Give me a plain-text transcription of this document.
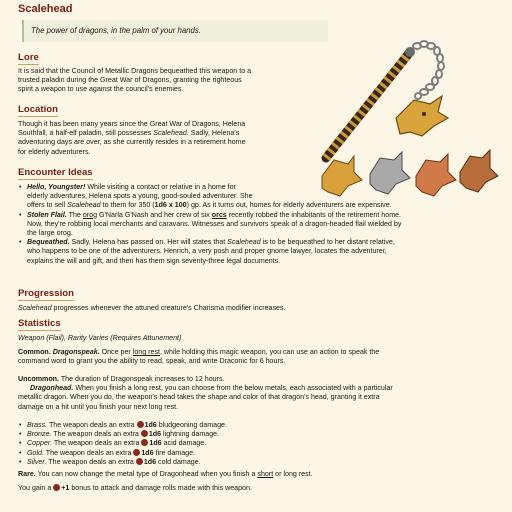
Scalehead
The power of dragons, in the palm of your hands.
Lore
It is said that the Council of Metallic Dragons bequeathed this weapon to a
trusted paladin during the Great War of Dragons, granting the righteous
spirit a weapon to use against the council's enemies.
Location
Though it has been many years since the Great War of Dragons, Helena
Southfall, a half-elf paladin, still possesses Scalehead. Sadly, Helena's
adventuring days are over, as she currently resides in a retirement home
for elderly adventurers.
Encounter Ideas
• Hello, Youngster! While visiting a contact or relative in a home for
elderly adventures, Helena spots a young, good-souled adventurer. She
offers to sell Scalehead to them for 350 (1d6 x 100) gp. As it turns out, homes for elderly adventurers are expensive.
• Stolen Flail. The orog G'Narla G'Nash and her crew of six orcs recently robbed the inhabitants of the retirement home.
Now, they're robbing local merchants and caravans. Witnesses and survivors speak of a dragon-headed flail wielded by
the large orog.
• Bequeathed. Sadly, Helena has passed on. Her will states that Scalehead is to be bequeathed to her distant relative,
who happens to be one of the adventurers. Henrich, a very posh and proper gnome lawyer, locates the adventurer,
explains the will and gift, and then has them sign seventy-three legal documents.
Progression
Scalehead progresses whenever the attuned creature's Charisma modifier increases.
Statistics
Weapon (Flail), Rarity Varies (Requires Attunement)
Common. Dragonspeak. Once per long rest, while holding this magic weapon, you can use an action to speak the
command word to grant you the ability to read, speak, and write Draconic for 6 hours.
Uncommon. The duration of Dragonspeak increases to 12 hours.
Dragonhead. When you finish a long rest, you can choose from the below metals, each associated with a particular
metallic dragon. When you do, the weapon's head takes the shape and color of that dragon's head, granting it extra
damage on a hit until you finish your next long rest.
• Brass. The weapon deals an extra 1d6 bludgeoning damage.
• Bronze. The weapon deals an extra 1d6 lightning damage.
• Copper. The weapon deals an extra 1d6 acid damage.
• Gold. The weapon deals an extra 1d6 fire damage.
• Silver. The weapon deals an extra 1d6 cold damage.
Rare. You can now change the metal type of Dragonhead when you finish a short or long rest.
You gain a +1 bonus to attack and damage rolls made with this weapon.
